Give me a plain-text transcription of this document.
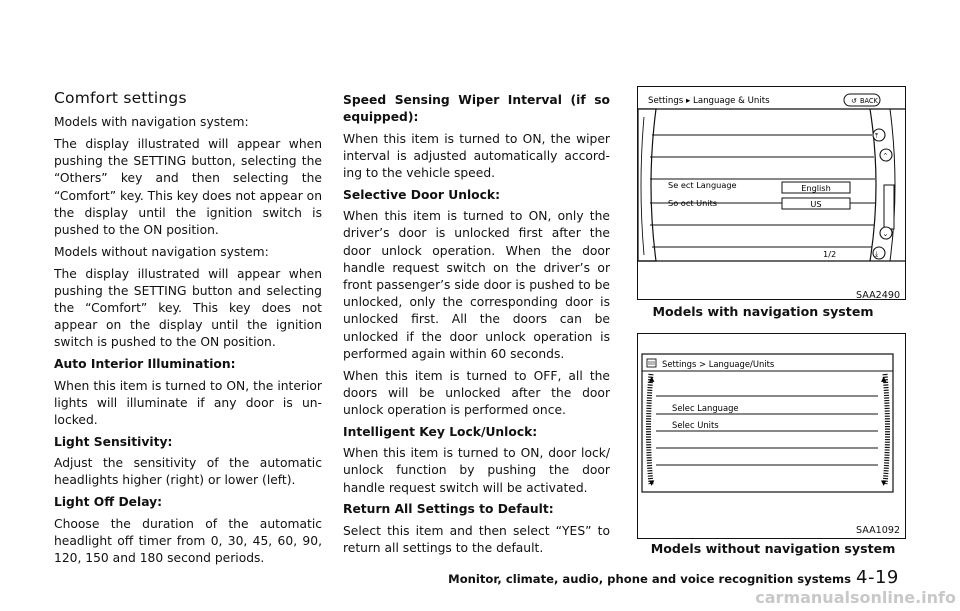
Comfort settings

Models with navigation system:

The display illustrated will appear when pushing the SETTING button, selecting the “Others” key and then selecting the “Comfort” key. This key does not appear on the display until the ignition switch is pushed to the ON position.

Models without navigation system:

The display illustrated will appear when pushing the SETTING button and selecting the “Comfort” key. This key does not appear on the display until the ignition switch is pushed to the ON position.

Auto Interior Illumination:

When this item is turned to ON, the interior lights will illuminate if any door is un-locked.

Light Sensitivity:

Adjust the sensitivity of the automatic headlights higher (right) or lower (left).

Light Off Delay:

Choose the duration of the automatic headlight off timer from 0, 30, 45, 60, 90, 120, 150 and 180 second periods.

Speed Sensing Wiper Interval (if so equipped):

When this item is turned to ON, the wiper interval is adjusted automatically accord-ing to the vehicle speed.

Selective Door Unlock:

When this item is turned to ON, only the driver’s door is unlocked first after the door unlock operation. When the door handle request switch on the driver’s or front passenger’s side door is pushed to be unlocked, only the corresponding door is unlocked first. All the doors can be unlocked if the door unlock operation is performed again within 60 seconds.

When this item is turned to OFF, all the doors will be unlocked after the door unlock operation is performed once.

Intelligent Key Lock/Unlock:

When this item is turned to ON, door lock/ unlock function by pushing the door handle request switch will be activated.

Return All Settings to Default:

Select this item and then select “YES” to return all settings to the default.

Settings ▸ Language & Units	↺ BACK
⤒
⌃
⌄
⤓
Se ect Language	English
So oct Units	US
1/2
SAA2490
Models with navigation system
Settings > Language/Units
▲
▼
▲
▼
Selec Language
Selec Units
SAA1092
Models without navigation system
Monitor, climate, audio, phone and voice recognition systems 4-19
carmanualsonline.info
